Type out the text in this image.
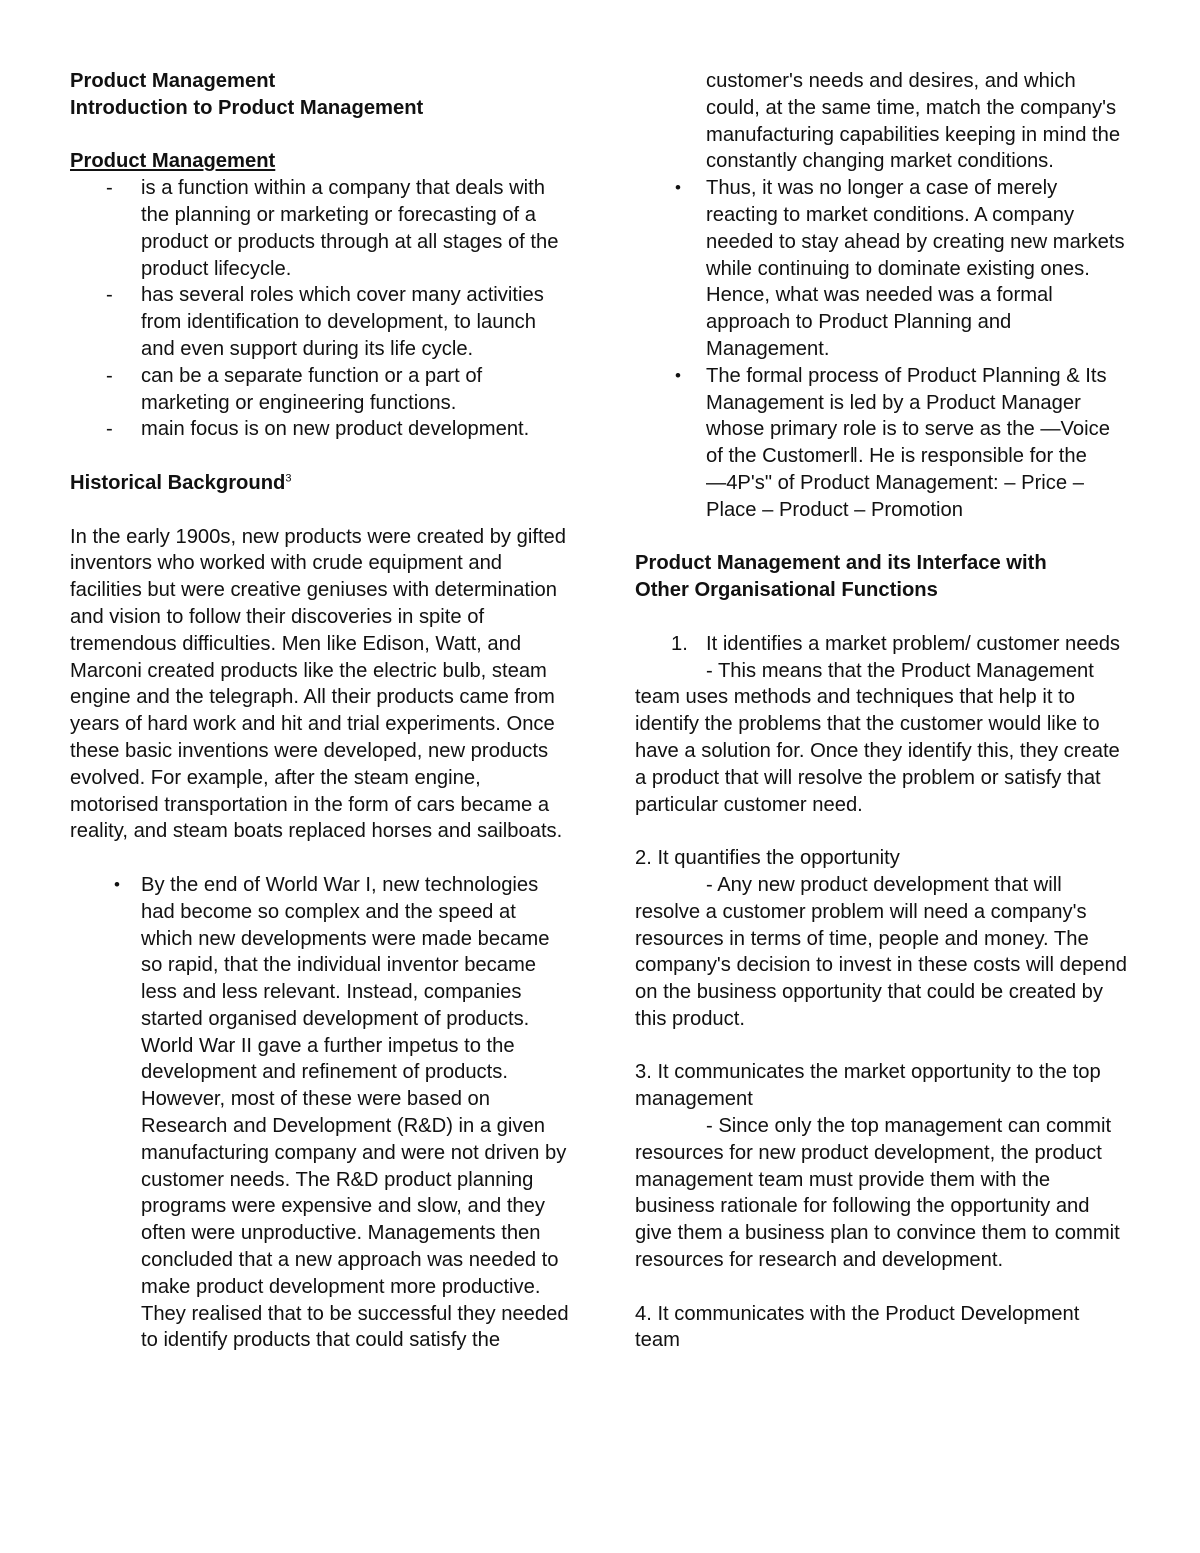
Product Management
Introduction to Product Management
Product Management
-	is a function within a company that deals with the planning or marketing or forecasting of a product or products through at all stages of the product lifecycle.
-	has several roles which cover many activities from identification to development, to launch and even support during its life cycle.
-	can be a separate function or a part of marketing or engineering functions.
-	main focus is on new product development.
Historical Background$^3$

In the early 1900s, new products were created by gifted inventors who worked with crude equipment and facilities but were creative geniuses with determination and vision to follow their discoveries in spite of tremendous difficulties. Men like Edison, Watt, and Marconi created products like the electric bulb, steam engine and the telegraph. All their products came from years of hard work and hit and trial experiments. Once these basic inventions were developed, new products evolved. For example, after the steam engine, motorised transportation in the form of cars became a reality, and steam boats replaced horses and sailboats.

•	By the end of World War I, new technologies had become so complex and the speed at which new developments were made became so rapid, that the individual inventor became less and less relevant. Instead, companies started organised development of products. World War II gave a further impetus to the development and refinement of products. However, most of these were based on Research and Development (R&D) in a given manufacturing company and were not driven by customer needs. The R&D product planning programs were expensive and slow, and they often were unproductive. Managements then concluded that a new approach was needed to make product development more productive. They realised that to be successful they needed to identify products that could satisfy the
customer's needs and desires, and which could, at the same time, match the company's manufacturing capabilities keeping in mind the constantly changing market conditions.
•	Thus, it was no longer a case of merely reacting to market conditions. A company needed to stay ahead by creating new markets while continuing to dominate existing ones. Hence, what was needed was a formal approach to Product Planning and Management.
•	The formal process of Product Planning & Its Management is led by a Product Manager whose primary role is to serve as the ―Voice of the Customer‖. He is responsible for the ―4P's" of Product Management: – Price – Place – Product – Promotion
Product Management and its Interface with
Other Organisational Functions
1. It identifies a market problem/ customer needs

- This means that the Product Management team uses methods and techniques that help it to identify the problems that the customer would like to have a solution for. Once they identify this, they create a product that will resolve the problem or satisfy that particular customer need.

2. It quantifies the opportunity

- Any new product development that will resolve a customer problem will need a company's resources in terms of time, people and money. The company's decision to invest in these costs will depend on the business opportunity that could be created by this product.

3. It communicates the market opportunity to the top management

- Since only the top management can commit resources for new product development, the product management team must provide them with the business rationale for following the opportunity and give them a business plan to convince them to commit resources for research and development.

4. It communicates with the Product Development team
